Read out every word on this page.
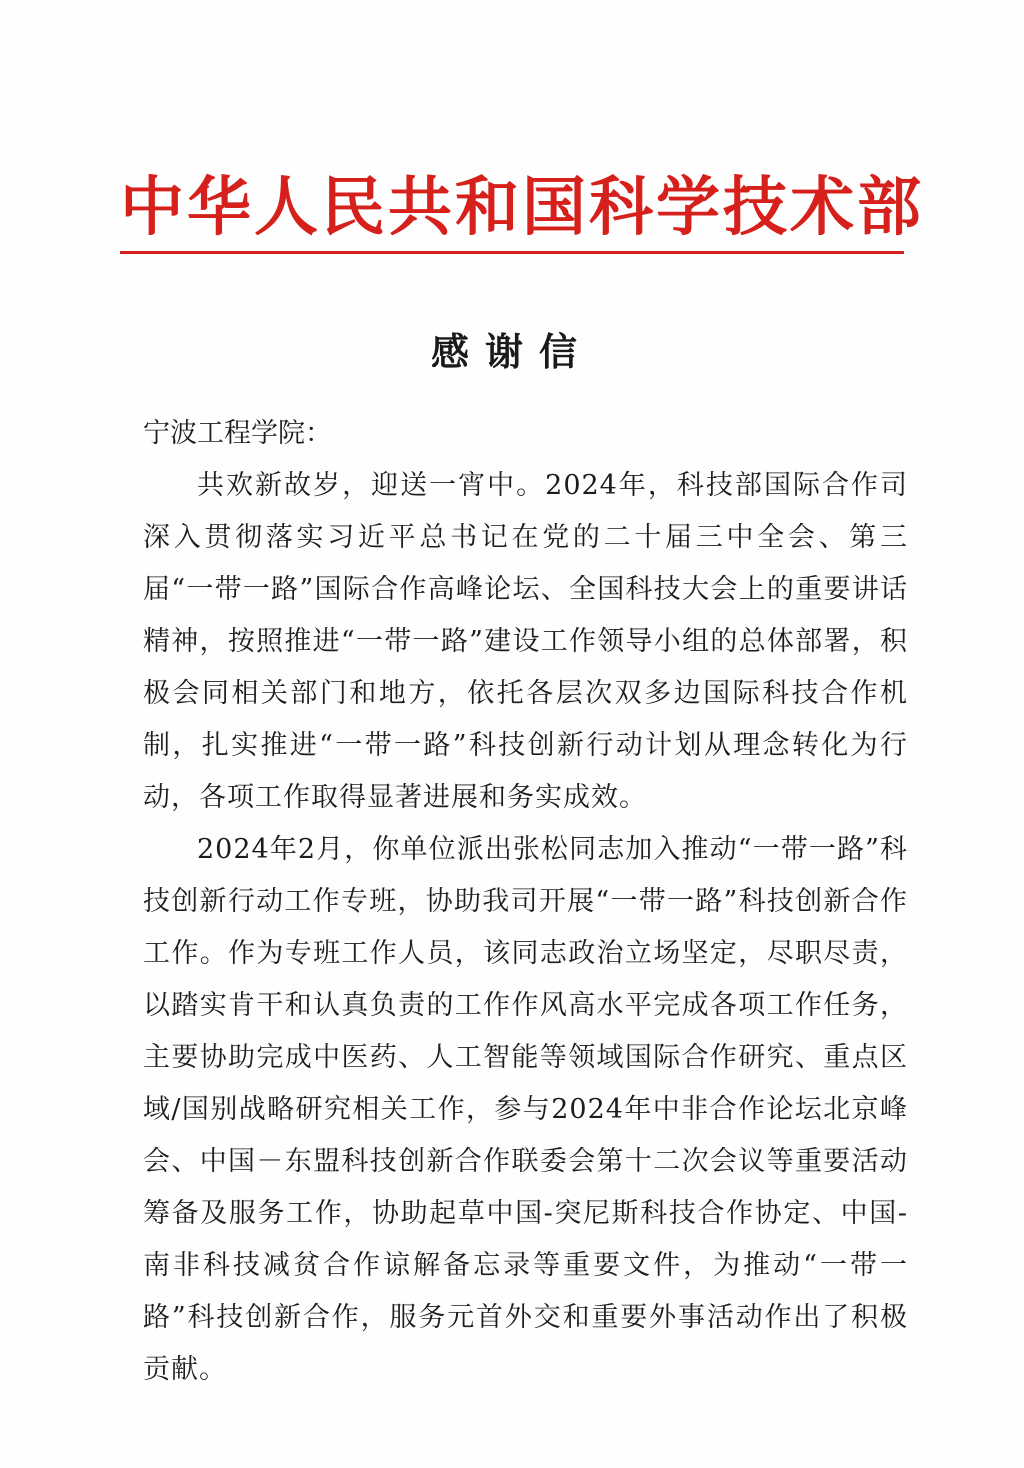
中华人民共和国科学技术部
感谢信

宁波工程学院：

共欢新故岁，迎送一宵中。2024年，科技部国际合作司深入贯彻落实习近平总书记在党的二十届三中全会、第三届“一带一路”国际合作高峰论坛、全国科技大会上的重要讲话精神，按照推进“一带一路”建设工作领导小组的总体部署，积极会同相关部门和地方，依托各层次双多边国际科技合作机制，扎实推进“一带一路”科技创新行动计划从理念转化为行动，各项工作取得显著进展和务实成效。

2024年2月，你单位派出张松同志加入推动“一带一路”科技创新行动工作专班，协助我司开展“一带一路”科技创新合作工作。作为专班工作人员，该同志政治立场坚定，尽职尽责，以踏实肯干和认真负责的工作作风高水平完成各项工作任务，主要协助完成中医药、人工智能等领域国际合作研究、重点区域/国别战略研究相关工作，参与2024年中非合作论坛北京峰会、中国－东盟科技创新合作联委会第十二次会议等重要活动筹备及服务工作，协助起草中国-突尼斯科技合作协定、中国-南非科技减贫合作谅解备忘录等重要文件，为推动“一带一路”科技创新合作，服务元首外交和重要外事活动作出了积极贡献。
